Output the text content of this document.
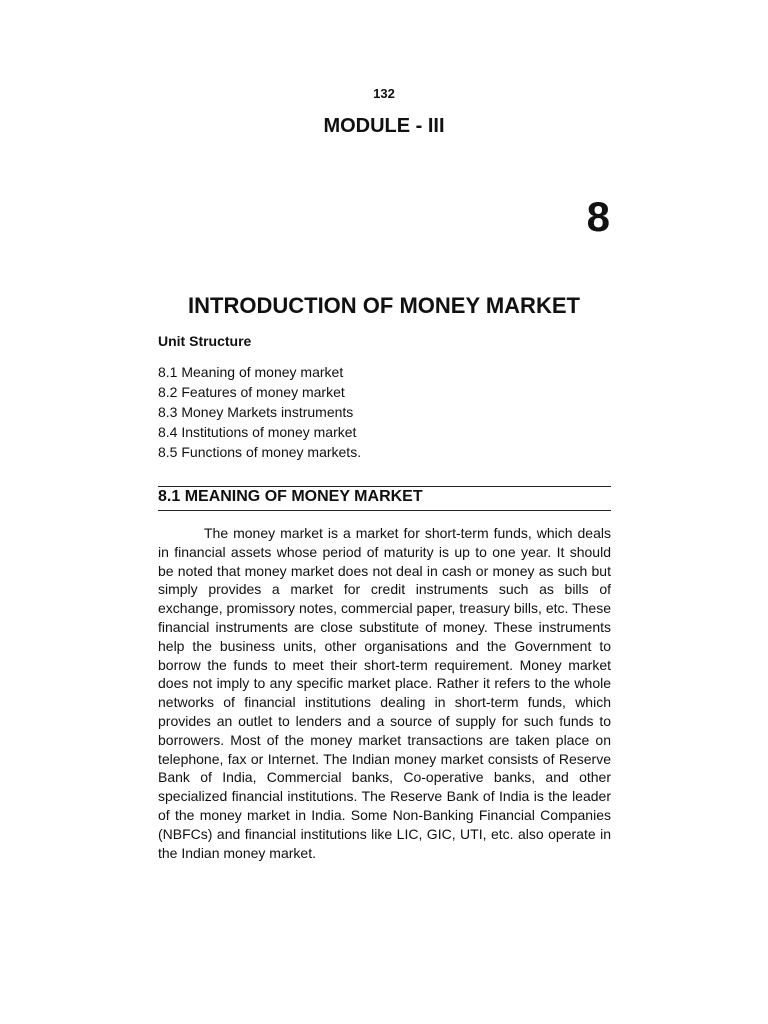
132
MODULE - III
8
INTRODUCTION OF MONEY MARKET
Unit Structure
8.1 Meaning of money market
8.2 Features of money market
8.3 Money Markets instruments
8.4 Institutions of money market
8.5 Functions of money markets.
8.1 MEANING OF MONEY MARKET

The money market is a market for short-term funds, which deals in financial assets whose period of maturity is up to one year. It should be noted that money market does not deal in cash or money as such but simply provides a market for credit instruments such as bills of exchange, promissory notes, commercial paper, treasury bills, etc. These financial instruments are close substitute of money. These instruments help the business units, other organisations and the Government to borrow the funds to meet their short-term requirement. Money market does not imply to any specific market place. Rather it refers to the whole networks of financial institutions dealing in short-term funds, which provides an outlet to lenders and a source of supply for such funds to borrowers. Most of the money market transactions are taken place on telephone, fax or Internet. The Indian money market consists of Reserve Bank of India, Commercial banks, Co-operative banks, and other specialized financial institutions. The Reserve Bank of India is the leader of the money market in India. Some Non-Banking Financial Companies (NBFCs) and financial institutions like LIC, GIC, UTI, etc. also operate in the Indian money market.
